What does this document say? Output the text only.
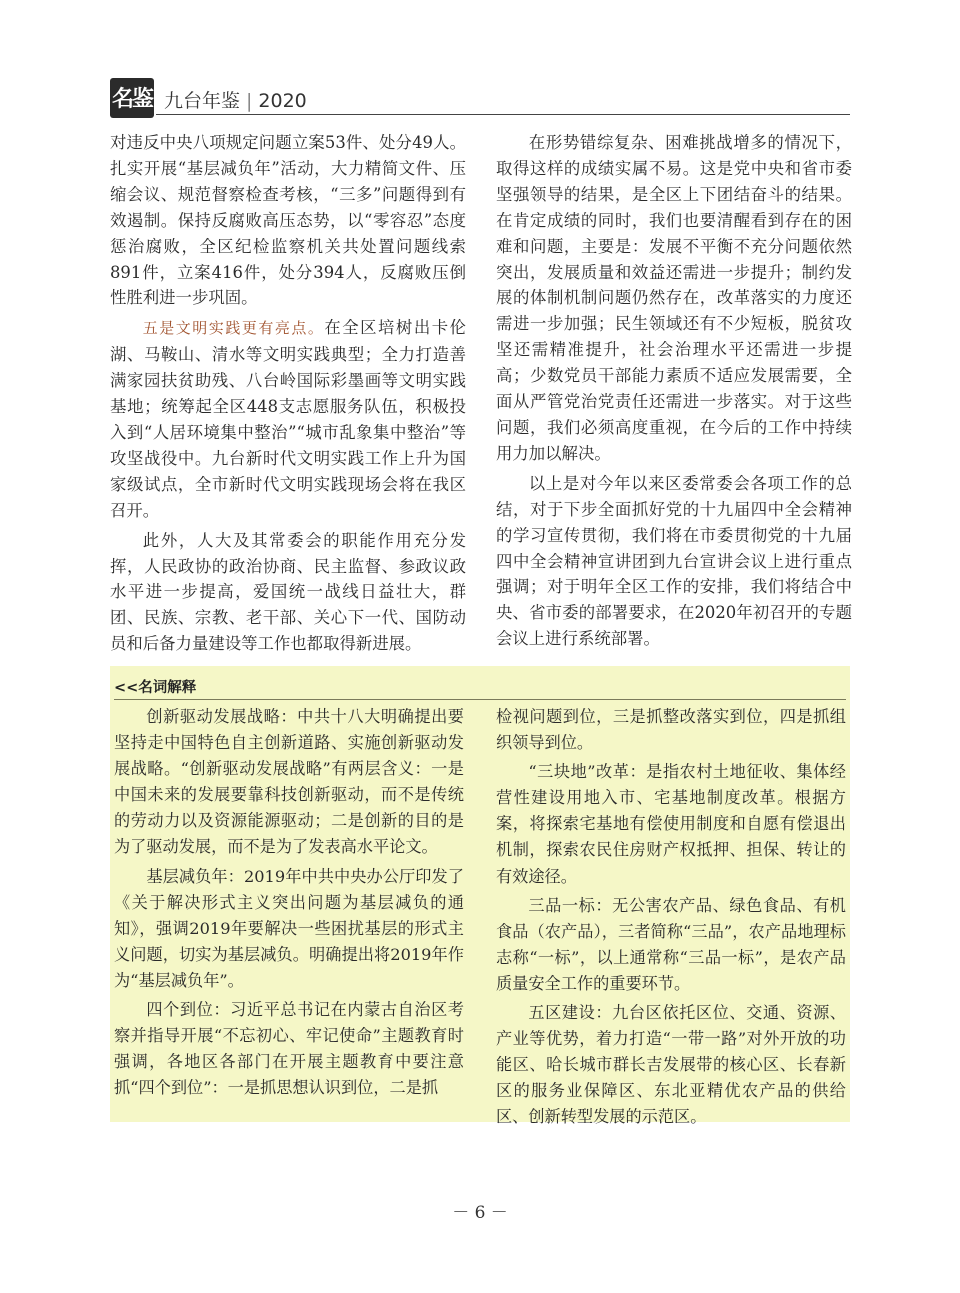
名鉴 九台年鉴 | 2020

对违反中央八项规定问题立案53件、处分49人。扎实开展“基层减负年”活动，大力精简文件、压缩会议、规范督察检查考核，“三多”问题得到有效遏制。保持反腐败高压态势，以“零容忍”态度惩治腐败，全区纪检监察机关共处置问题线索891件，立案416件，处分394人，反腐败压倒性胜利进一步巩固。

五是文明实践更有亮点。在全区培树出卡伦湖、马鞍山、清水等文明实践典型；全力打造善满家园扶贫助残、八台岭国际彩墨画等文明实践基地；统筹起全区448支志愿服务队伍，积极投入到“人居环境集中整治”“城市乱象集中整治”等攻坚战役中。九台新时代文明实践工作上升为国家级试点，全市新时代文明实践现场会将在我区召开。

此外，人大及其常委会的职能作用充分发挥，人民政协的政治协商、民主监督、参政议政水平进一步提高，爱国统一战线日益壮大，群团、民族、宗教、老干部、关心下一代、国防动员和后备力量建设等工作也都取得新进展。

在形势错综复杂、困难挑战增多的情况下，取得这样的成绩实属不易。这是党中央和省市委坚强领导的结果，是全区上下团结奋斗的结果。在肯定成绩的同时，我们也要清醒看到存在的困难和问题，主要是：发展不平衡不充分问题依然突出，发展质量和效益还需进一步提升；制约发展的体制机制问题仍然存在，改革落实的力度还需进一步加强；民生领域还有不少短板，脱贫攻坚还需精准提升，社会治理水平还需进一步提高；少数党员干部能力素质不适应发展需要，全面从严管党治党责任还需进一步落实。对于这些问题，我们必须高度重视，在今后的工作中持续用力加以解决。

以上是对今年以来区委常委会各项工作的总结，对于下步全面抓好党的十九届四中全会精神的学习宣传贯彻，我们将在市委贯彻党的十九届四中全会精神宣讲团到九台宣讲会议上进行重点强调；对于明年全区工作的安排，我们将结合中央、省市委的部署要求，在2020年初召开的专题会议上进行系统部署。

<<名词解释

创新驱动发展战略：中共十八大明确提出要坚持走中国特色自主创新道路、实施创新驱动发展战略。“创新驱动发展战略”有两层含义：一是中国未来的发展要靠科技创新驱动，而不是传统的劳动力以及资源能源驱动；二是创新的目的是为了驱动发展，而不是为了发表高水平论文。

基层减负年：2019年中共中央办公厅印发了《关于解决形式主义突出问题为基层减负的通知》，强调2019年要解决一些困扰基层的形式主义问题，切实为基层减负。明确提出将2019年作为“基层减负年”。

四个到位：习近平总书记在内蒙古自治区考察并指导开展“不忘初心、牢记使命”主题教育时强调，各地区各部门在开展主题教育中要注意抓“四个到位”：一是抓思想认识到位，二是抓

检视问题到位，三是抓整改落实到位，四是抓组织领导到位。

“三块地”改革：是指农村土地征收、集体经营性建设用地入市、宅基地制度改革。根据方案，将探索宅基地有偿使用制度和自愿有偿退出机制，探索农民住房财产权抵押、担保、转让的有效途径。

三品一标：无公害农产品、绿色食品、有机食品（农产品），三者简称“三品”，农产品地理标志称“一标”，以上通常称“三品一标”，是农产品质量安全工作的重要环节。

五区建设：九台区依托区位、交通、资源、产业等优势，着力打造“一带一路”对外开放的功能区、哈长城市群长吉发展带的核心区、长春新区的服务业保障区、东北亚精优农产品的供给区、创新转型发展的示范区。

－ 6 －
